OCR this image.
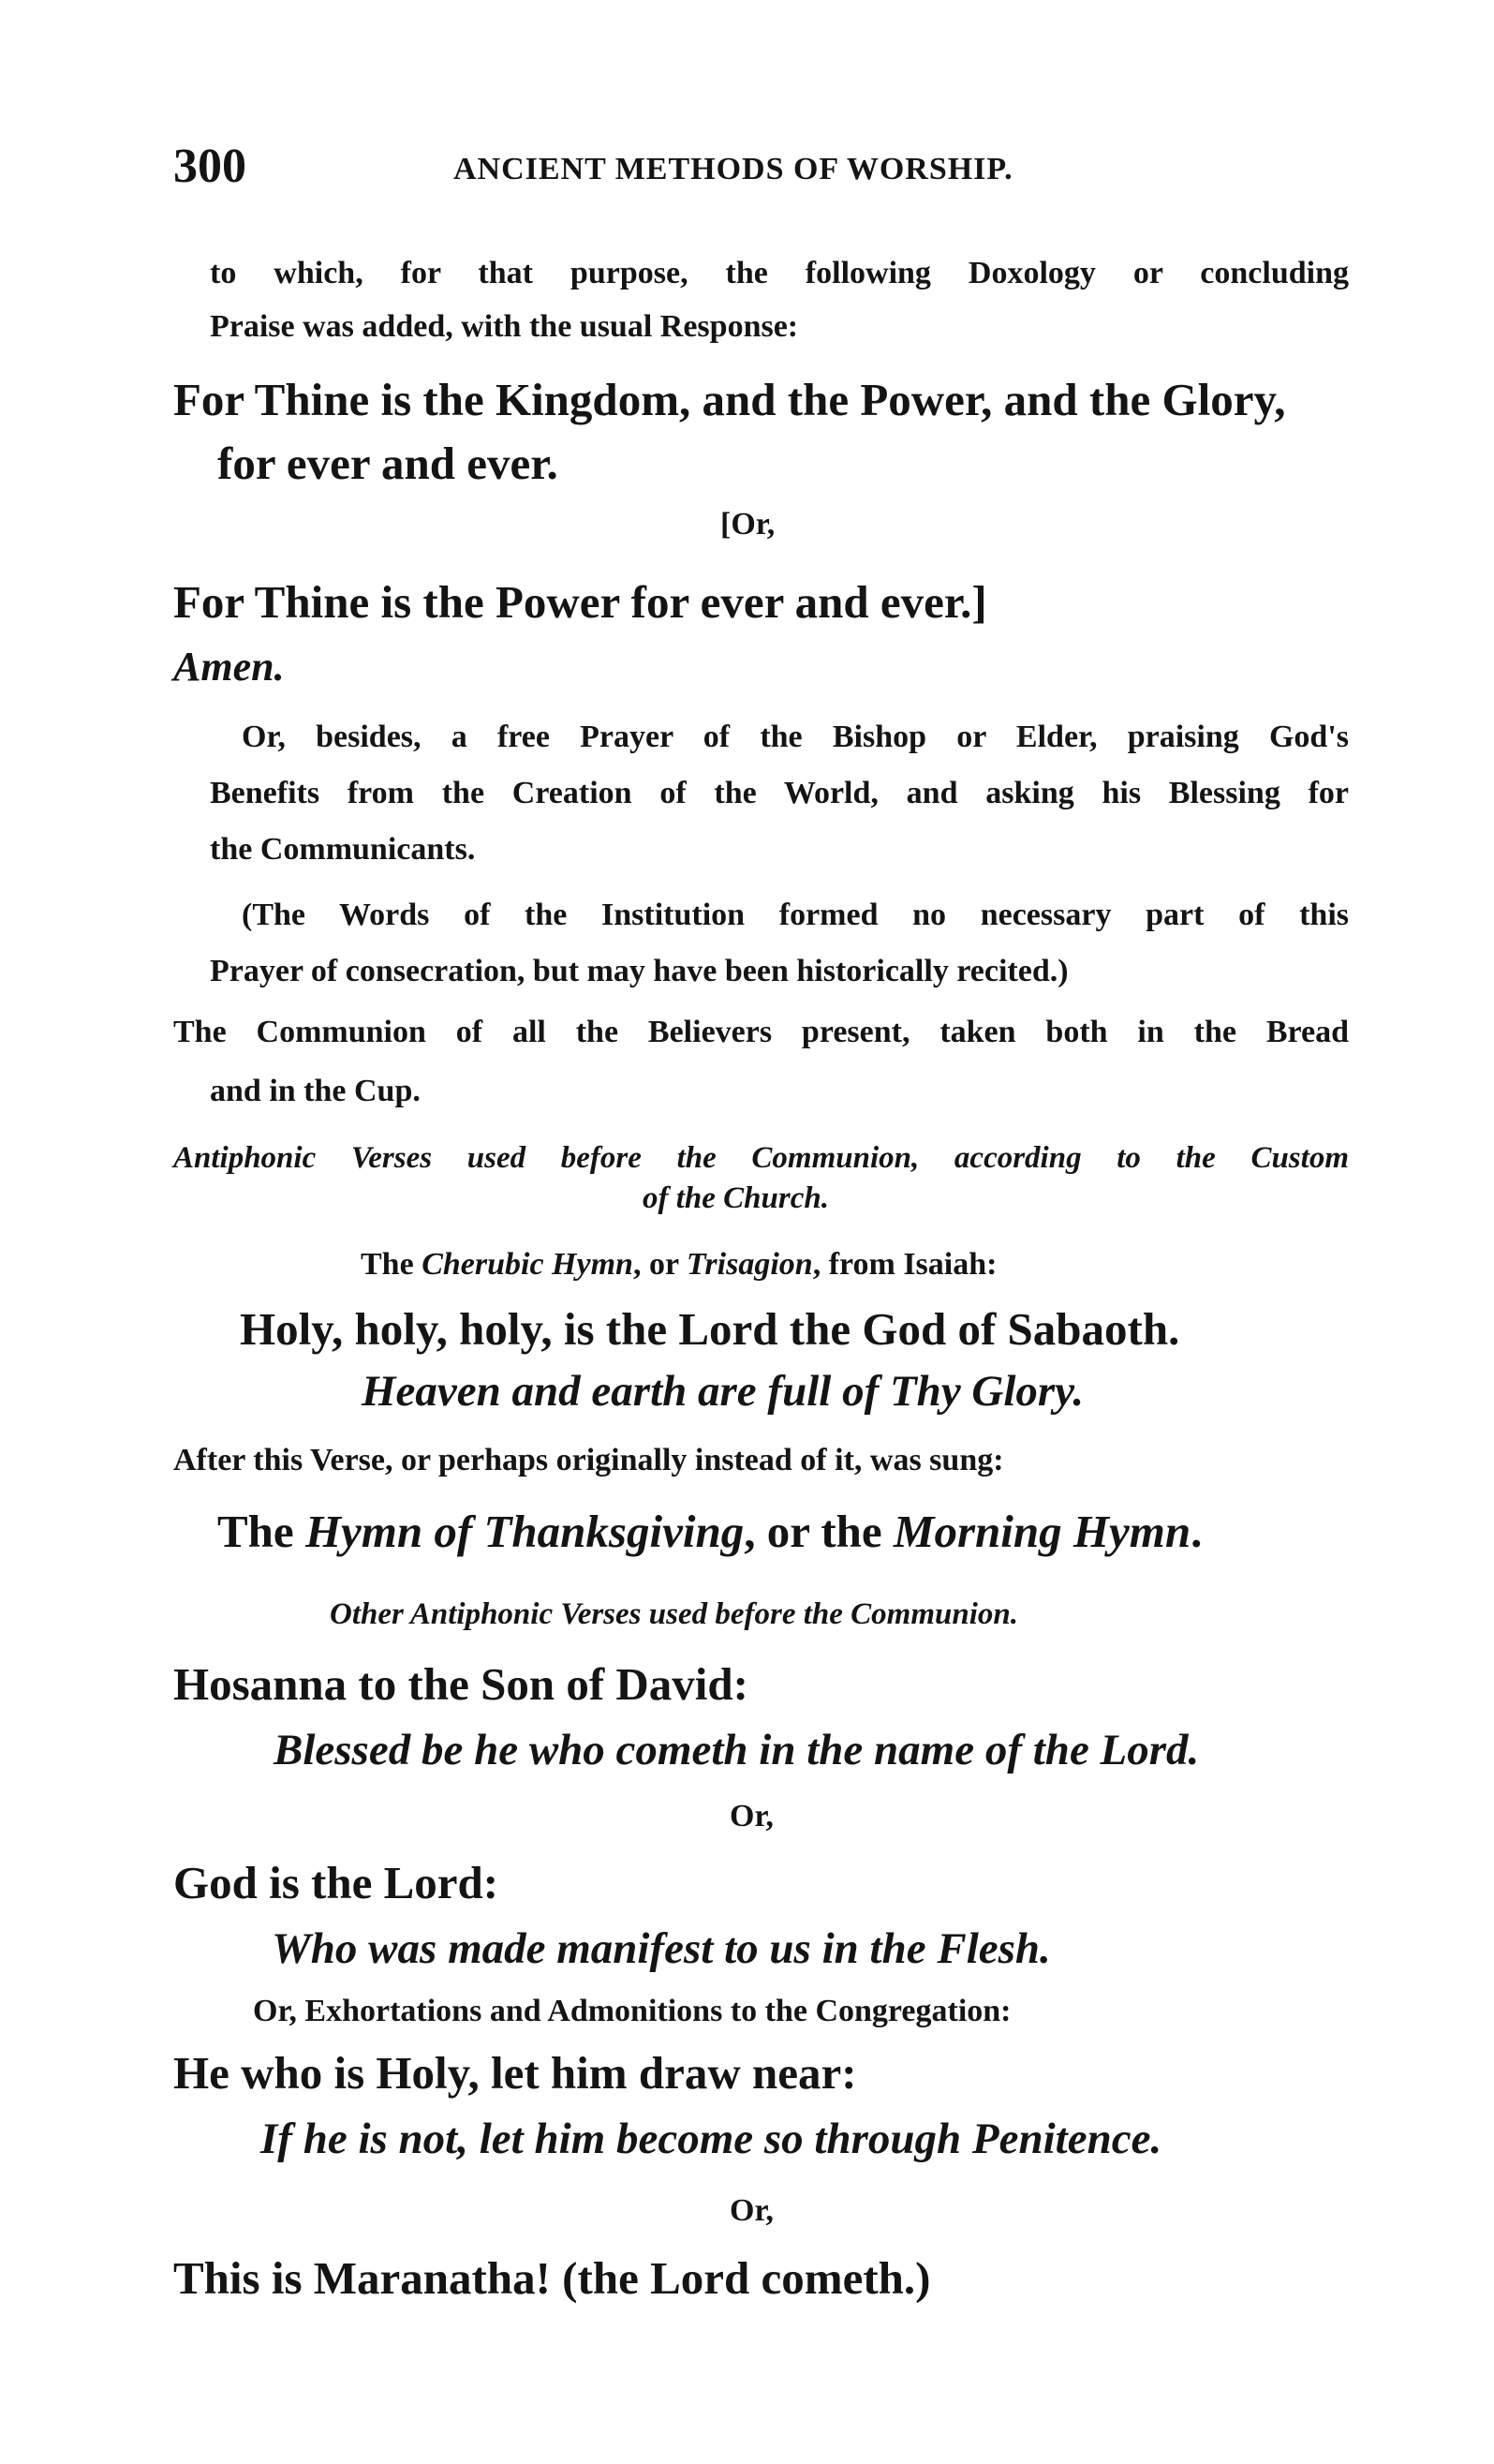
300	ANCIENT METHODS OF WORSHIP.
to which, for that purpose, the following Doxology or concluding
Praise was added, with the usual Response:
For Thine is the Kingdom, and the Power, and the Glory,
for ever and ever.
[Or,
For Thine is the Power for ever and ever.]
Amen.
Or, besides, a free Prayer of the Bishop or Elder, praising God's
Benefits from the Creation of the World, and asking his Blessing for
the Communicants.
(The Words of the Institution formed no necessary part of this
Prayer of consecration, but may have been historically recited.)
The Communion of all the Believers present, taken both in the Bread
and in the Cup.
Antiphonic Verses used before the Communion, according to the Custom
of the Church.
The Cherubic Hymn, or Trisagion, from Isaiah:
Holy, holy, holy, is the Lord the God of Sabaoth.
Heaven and earth are full of Thy Glory.
After this Verse, or perhaps originally instead of it, was sung:
The Hymn of Thanksgiving, or the Morning Hymn.
Other Antiphonic Verses used before the Communion.
Hosanna to the Son of David:
Blessed be he who cometh in the name of the Lord.
Or,
God is the Lord:
Who was made manifest to us in the Flesh.
Or, Exhortations and Admonitions to the Congregation:
He who is Holy, let him draw near:
If he is not, let him become so through Penitence.
Or,
This is Maranatha! (the Lord cometh.)
